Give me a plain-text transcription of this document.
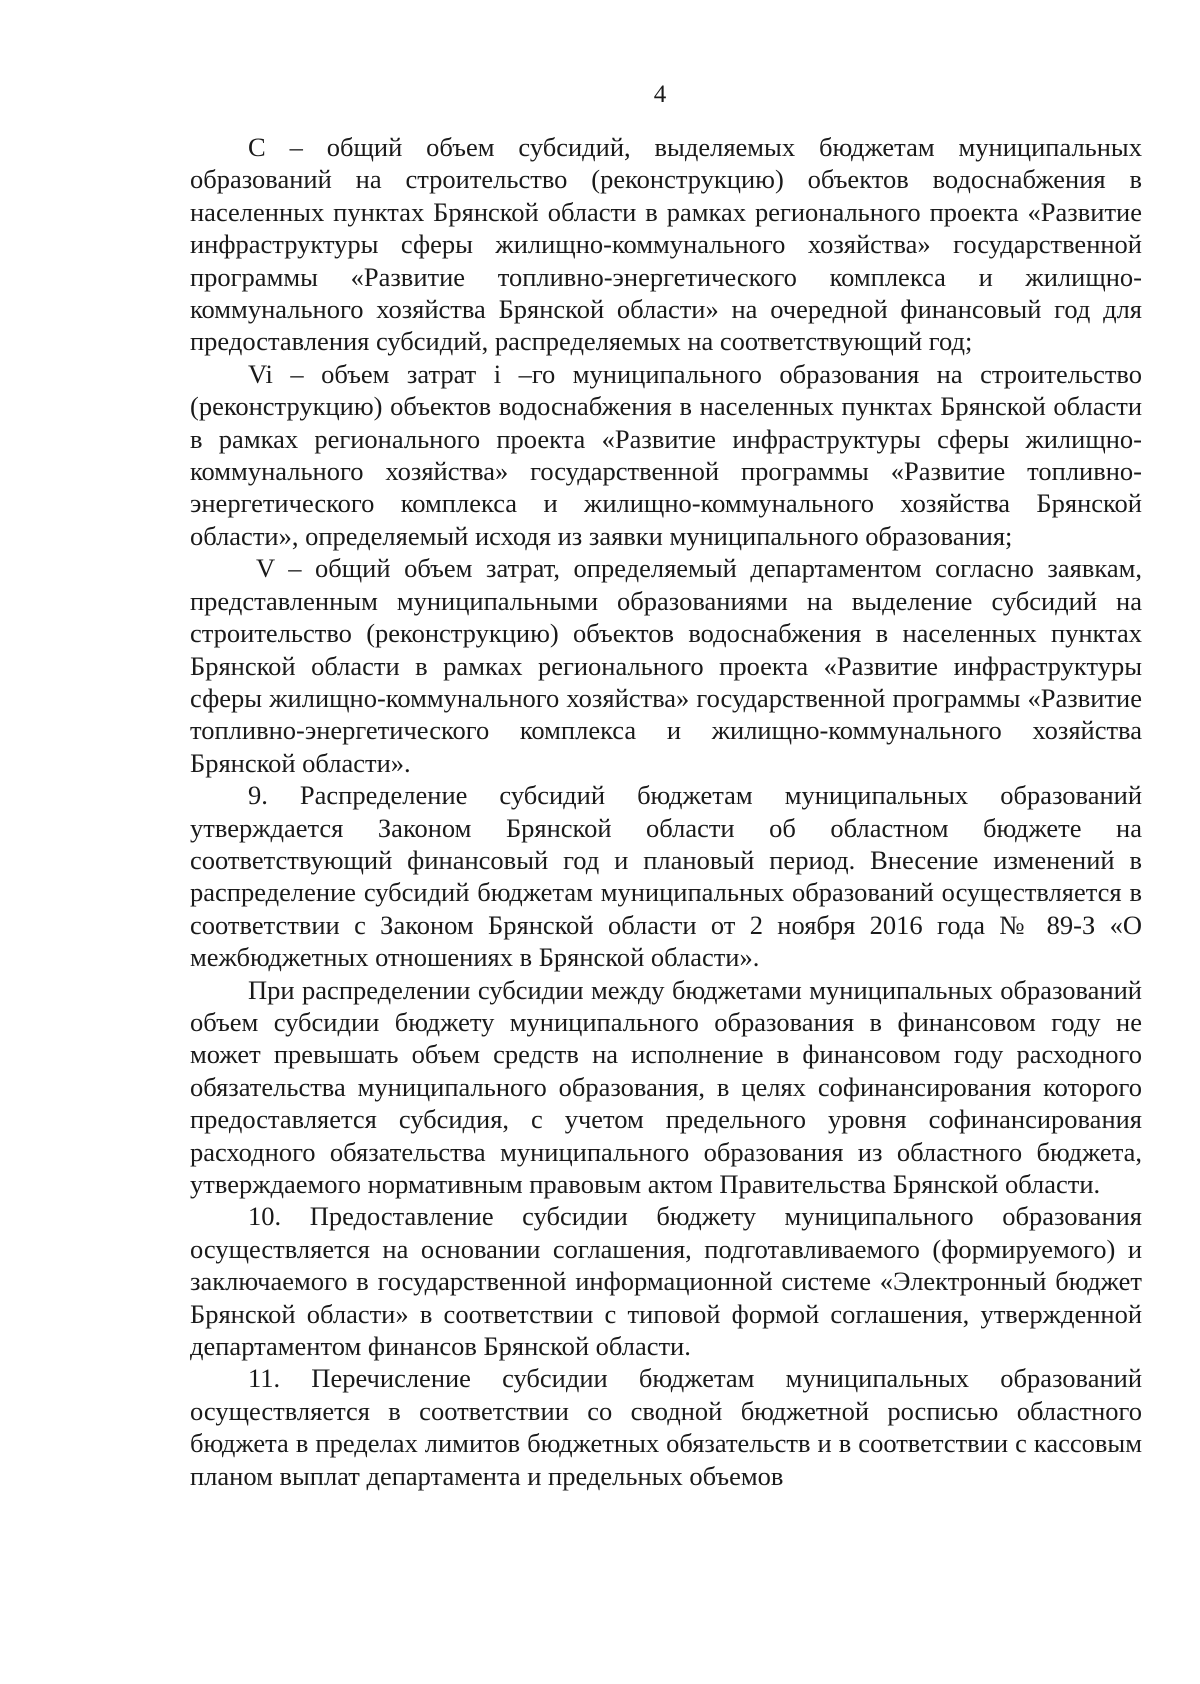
4

С – общий объем субсидий, выделяемых бюджетам муниципальных образований на строительство (реконструкцию) объектов водоснабжения в населенных пунктах Брянской области в рамках регионального проекта «Развитие инфраструктуры сферы жилищно-коммунального хозяйства» государственной программы «Развитие топливно-энергетического комплекса и жилищно-коммунального хозяйства Брянской области» на очередной финансовый год для предоставления субсидий, распределяемых на соответствующий год;

Vi – объем затрат i –го муниципального образования на строительство (реконструкцию) объектов водоснабжения в населенных пунктах Брянской области в рамках регионального проекта «Развитие инфраструктуры сферы жилищно-коммунального хозяйства» государственной программы «Развитие топливно-энергетического комплекса и жилищно-коммунального хозяйства Брянской области», определяемый исходя из заявки муниципального образования;

V – общий объем затрат, определяемый департаментом согласно заявкам, представленным муниципальными образованиями на выделение субсидий на строительство (реконструкцию) объектов водоснабжения в населенных пунктах Брянской области в рамках регионального проекта «Развитие инфраструктуры сферы жилищно-коммунального хозяйства» государственной программы «Развитие топливно-энергетического комплекса и жилищно-коммунального хозяйства Брянской области».

9. Распределение субсидий бюджетам муниципальных образований утверждается Законом Брянской области об областном бюджете на соответствующий финансовый год и плановый период. Внесение изменений в распределение субсидий бюджетам муниципальных образований осуществляется в соответствии с Законом Брянской области от 2 ноября 2016 года № 89-З «О межбюджетных отношениях в Брянской области».

При распределении субсидии между бюджетами муниципальных образований объем субсидии бюджету муниципального образования в финансовом году не может превышать объем средств на исполнение в финансовом году расходного обязательства муниципального образования, в целях софинансирования которого предоставляется субсидия, с учетом предельного уровня софинансирования расходного обязательства муниципального образования из областного бюджета, утверждаемого нормативным правовым актом Правительства Брянской области.

10. Предоставление субсидии бюджету муниципального образования осуществляется на основании соглашения, подготавливаемого (формируемого) и заключаемого в государственной информационной системе «Электронный бюджет Брянской области» в соответствии с типовой формой соглашения, утвержденной департаментом финансов Брянской области.

11. Перечисление субсидии бюджетам муниципальных образований осуществляется в соответствии со сводной бюджетной росписью областного бюджета в пределах лимитов бюджетных обязательств и в соответствии с кассовым планом выплат департамента и предельных объемов
